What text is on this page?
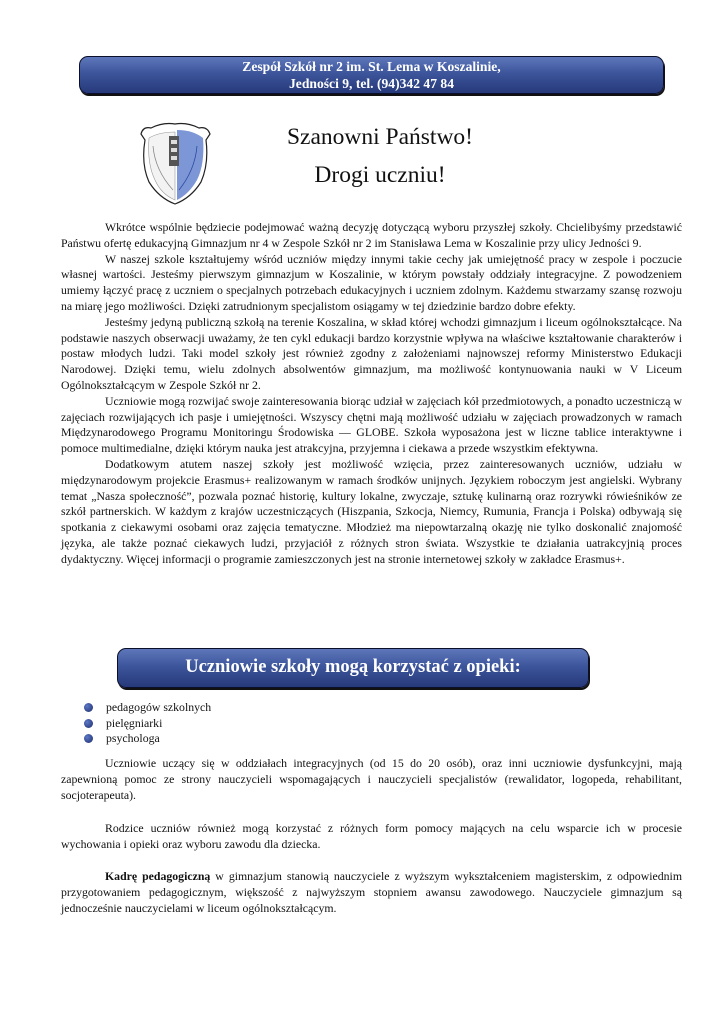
Zespół Szkół nr 2 im. St. Lema w Koszalinie,
Jedności 9, tel. (94)342 47 84
Szanowni Państwo!
Drogi uczniu!

Wkrótce wspólnie będziecie podejmować ważną decyzję dotyczącą wyboru przyszłej szkoły. Chcielibyśmy przedstawić Państwu ofertę edukacyjną Gimnazjum nr 4 w Zespole Szkół nr 2 im Stanisława Lema w Koszalinie przy ulicy Jedności 9.

W naszej szkole kształtujemy wśród uczniów między innymi takie cechy jak umiejętność pracy w zespole i poczucie własnej wartości. Jesteśmy pierwszym gimnazjum w Koszalinie, w którym powstały oddziały integracyjne. Z powodzeniem umiemy łączyć pracę z uczniem o specjalnych potrzebach edukacyjnych i uczniem zdolnym. Każdemu stwarzamy szansę rozwoju na miarę jego możliwości. Dzięki zatrudnionym specjalistom osiągamy w tej dziedzinie bardzo dobre efekty.

Jesteśmy jedyną publiczną szkołą na terenie Koszalina, w skład której wchodzi gimnazjum i liceum ogólnokształcące. Na podstawie naszych obserwacji uważamy, że ten cykl edukacji bardzo korzystnie wpływa na właściwe kształtowanie charakterów i postaw młodych ludzi. Taki model szkoły jest również zgodny z założeniami najnowszej reformy Ministerstwo Edukacji Narodowej. Dzięki temu, wielu zdolnych absolwentów gimnazjum, ma możliwość kontynuowania nauki w V Liceum Ogólnokształcącym w Zespole Szkół nr 2.

Uczniowie mogą rozwijać swoje zainteresowania biorąc udział w zajęciach kół przedmiotowych, a ponadto uczestniczą w zajęciach rozwijających ich pasje i umiejętności. Wszyscy chętni mają możliwość udziału w zajęciach prowadzonych w ramach Międzynarodowego Programu Monitoringu Środowiska — GLOBE. Szkoła wyposażona jest w liczne tablice interaktywne i pomoce multimedialne, dzięki którym nauka jest atrakcyjna, przyjemna i ciekawa a przede wszystkim efektywna.

Dodatkowym atutem naszej szkoły jest możliwość wzięcia, przez zainteresowanych uczniów, udziału w międzynarodowym projekcie Erasmus+ realizowanym w ramach środków unijnych. Językiem roboczym jest angielski. Wybrany temat „Nasza społeczność”, pozwala poznać historię, kultury lokalne, zwyczaje, sztukę kulinarną oraz rozrywki rówieśników ze szkół partnerskich. W każdym z krajów uczestniczących (Hiszpania, Szkocja, Niemcy, Rumunia, Francja i Polska) odbywają się spotkania z ciekawymi osobami oraz zajęcia tematyczne. Młodzież ma niepowtarzalną okazję nie tylko doskonalić znajomość języka, ale także poznać ciekawych ludzi, przyjaciół z różnych stron świata. Wszystkie te działania uatrakcyjnią proces dydaktyczny. Więcej informacji o programie zamieszczonych jest na stronie internetowej szkoły w zakładce Erasmus+.

Uczniowie szkoły mogą korzystać z opieki:
pedagogów szkolnych
pielęgniarki
psychologa

Uczniowie uczący się w oddziałach integracyjnych (od 15 do 20 osób), oraz inni uczniowie dysfunkcyjni, mają zapewnioną pomoc ze strony nauczycieli wspomagających i nauczycieli specjalistów (rewalidator, logopeda, rehabilitant, socjoterapeuta).

Rodzice uczniów również mogą korzystać z różnych form pomocy mających na celu wsparcie ich w procesie wychowania i opieki oraz wyboru zawodu dla dziecka.

Kadrę pedagogiczną w gimnazjum stanowią nauczyciele z wyższym wykształceniem magisterskim, z odpowiednim przygotowaniem pedagogicznym, większość z najwyższym stopniem awansu zawodowego. Nauczyciele gimnazjum są jednocześnie nauczycielami w liceum ogólnokształcącym.
